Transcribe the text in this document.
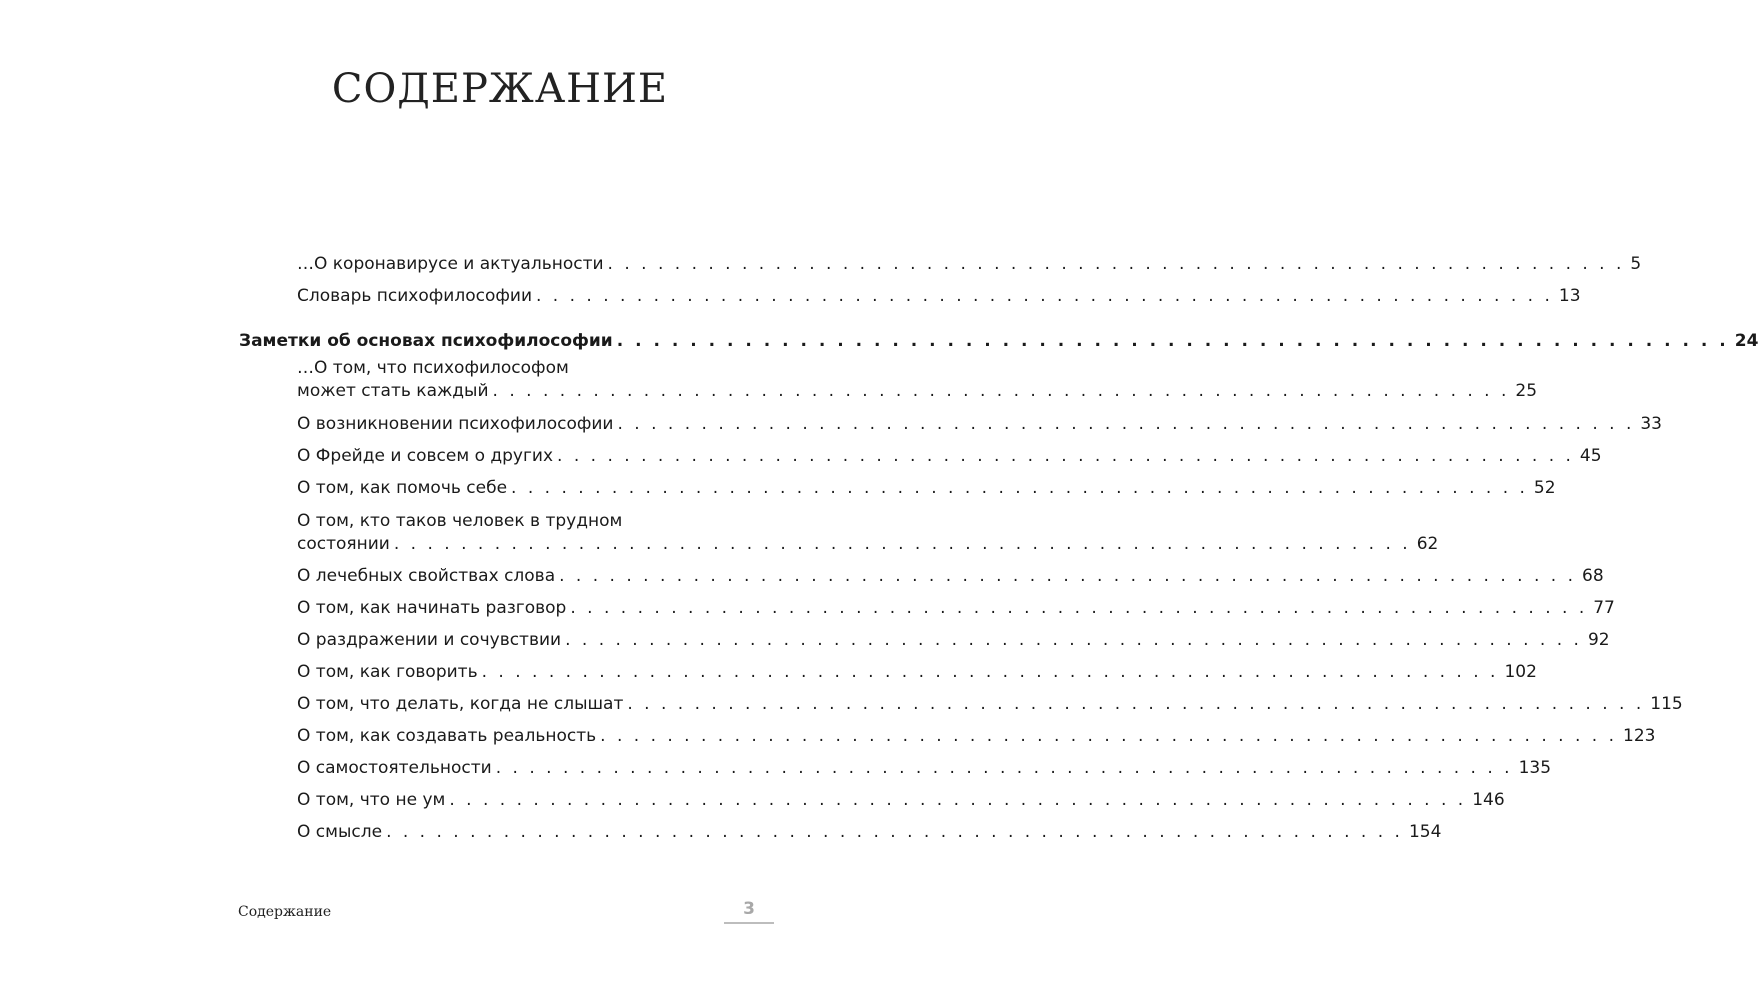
СОДЕРЖАНИЕ
…О коронавирусе и актуальности . . . . . . . . . . . . . . . . . . . . . . . . . . . . . . . . . . . . . . . . . . . . . . . . . . . . . . . . . . . . . 5
Словарь психофилософии . . . . . . . . . . . . . . . . . . . . . . . . . . . . . . . . . . . . . . . . . . . . . . . . . . . . . . . . . . . . . 13
Заметки об основах психофилософии . . . . . . . . . . . . . . . . . . . . . . . . . . . . . . . . . . . . . . . . . . . . . . . . . . . . . . . . . . . . . 24
…О том, что психофилософом
может стать каждый . . . . . . . . . . . . . . . . . . . . . . . . . . . . . . . . . . . . . . . . . . . . . . . . . . . . . . . . . . . . . 25
О возникновении психофилософии . . . . . . . . . . . . . . . . . . . . . . . . . . . . . . . . . . . . . . . . . . . . . . . . . . . . . . . . . . . . . 33
О Фрейде и совсем о других . . . . . . . . . . . . . . . . . . . . . . . . . . . . . . . . . . . . . . . . . . . . . . . . . . . . . . . . . . . . . 45
О том, как помочь себе . . . . . . . . . . . . . . . . . . . . . . . . . . . . . . . . . . . . . . . . . . . . . . . . . . . . . . . . . . . . . 52
О том, кто таков человек в трудном
состоянии . . . . . . . . . . . . . . . . . . . . . . . . . . . . . . . . . . . . . . . . . . . . . . . . . . . . . . . . . . . . . 62
О лечебных свойствах слова . . . . . . . . . . . . . . . . . . . . . . . . . . . . . . . . . . . . . . . . . . . . . . . . . . . . . . . . . . . . . 68
О том, как начинать разговор . . . . . . . . . . . . . . . . . . . . . . . . . . . . . . . . . . . . . . . . . . . . . . . . . . . . . . . . . . . . . 77
О раздражении и сочувствии . . . . . . . . . . . . . . . . . . . . . . . . . . . . . . . . . . . . . . . . . . . . . . . . . . . . . . . . . . . . . 92
О том, как говорить . . . . . . . . . . . . . . . . . . . . . . . . . . . . . . . . . . . . . . . . . . . . . . . . . . . . . . . . . . . . . 102
О том, что делать, когда не слышат . . . . . . . . . . . . . . . . . . . . . . . . . . . . . . . . . . . . . . . . . . . . . . . . . . . . . . . . . . . . . 115
О том, как создавать реальность . . . . . . . . . . . . . . . . . . . . . . . . . . . . . . . . . . . . . . . . . . . . . . . . . . . . . . . . . . . . . 123
О самостоятельности . . . . . . . . . . . . . . . . . . . . . . . . . . . . . . . . . . . . . . . . . . . . . . . . . . . . . . . . . . . . . 135
О том, что не ум . . . . . . . . . . . . . . . . . . . . . . . . . . . . . . . . . . . . . . . . . . . . . . . . . . . . . . . . . . . . . 146
О смысле . . . . . . . . . . . . . . . . . . . . . . . . . . . . . . . . . . . . . . . . . . . . . . . . . . . . . . . . . . . . . 154
Содержание	3
